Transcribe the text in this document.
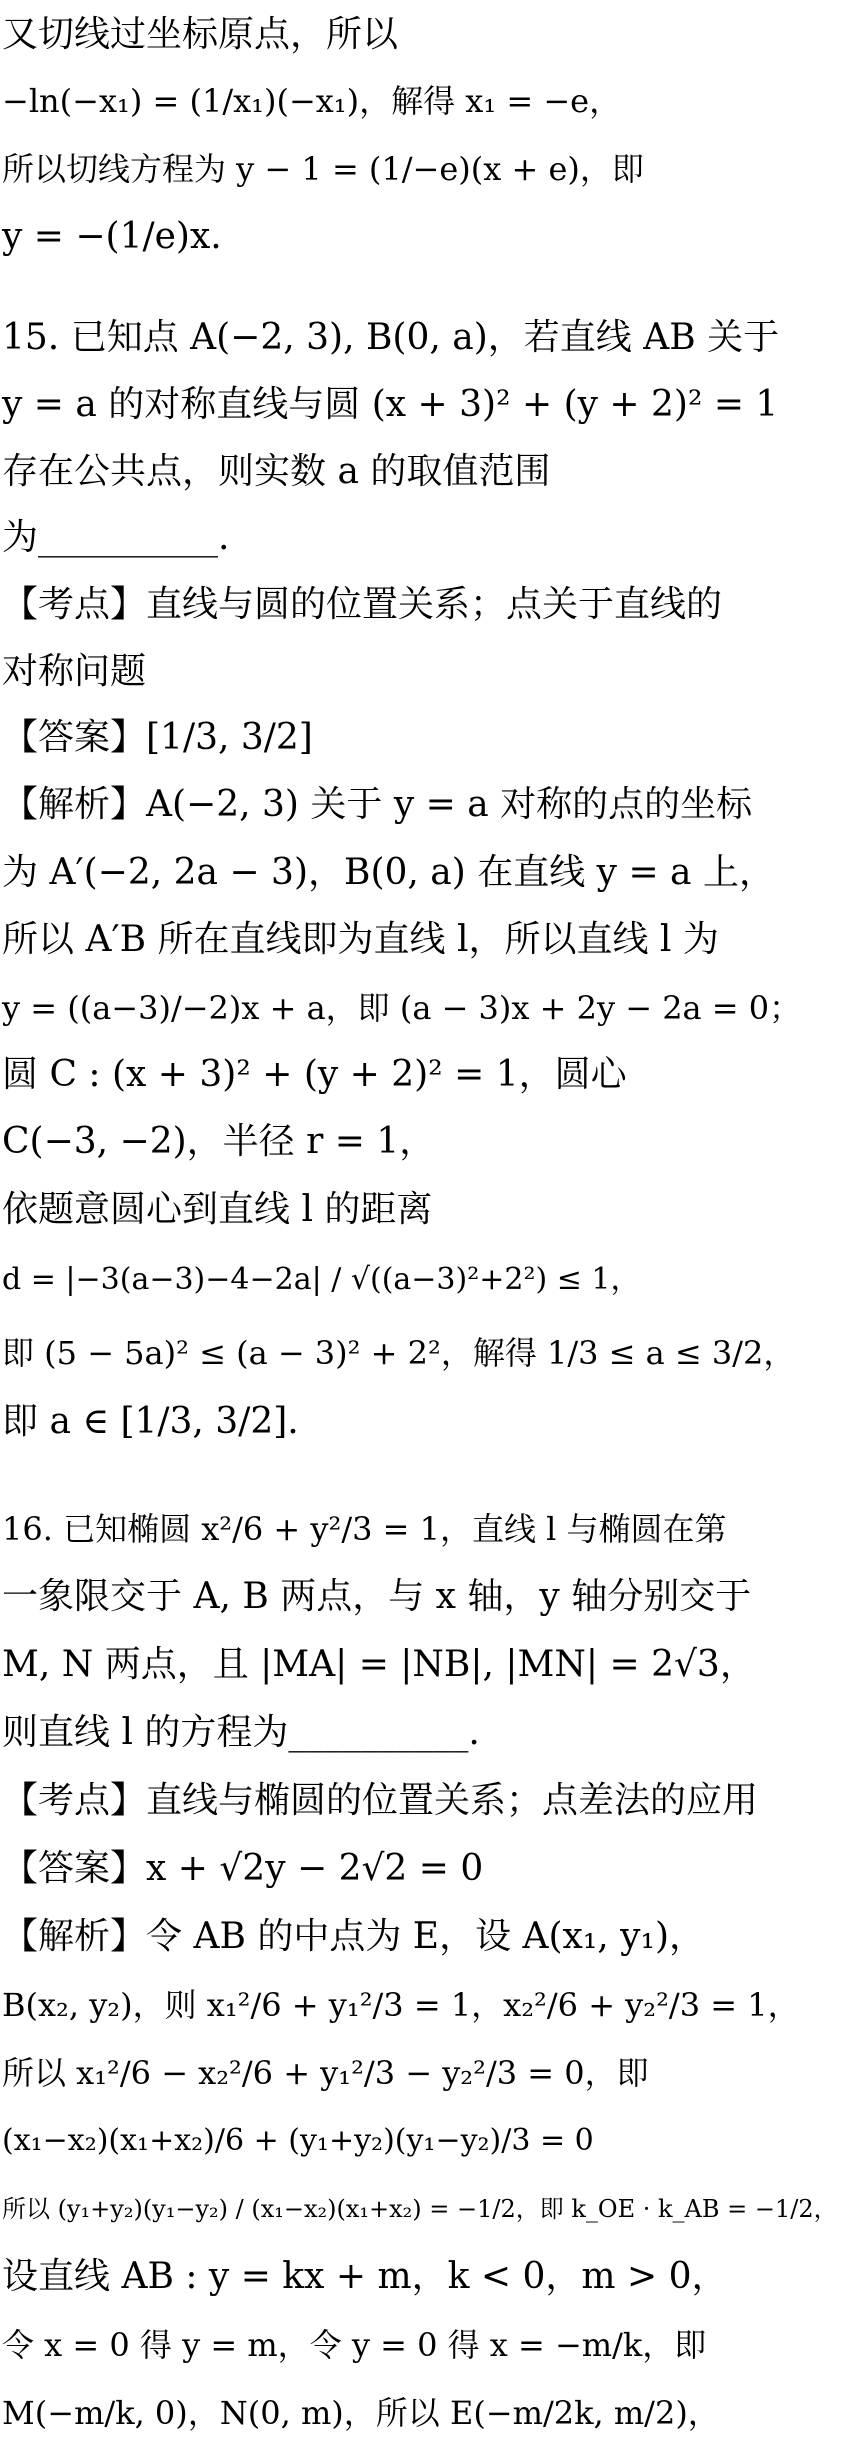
又切线过坐标原点，所以
−ln(−x₁) = (1/x₁)(−x₁)，解得 x₁ = −e，
所以切线方程为 y − 1 = (1/−e)(x + e)，即
y = −(1/e)x.
15. 已知点 A(−2, 3), B(0, a)，若直线 AB 关于
y = a 的对称直线与圆 (x + 3)² + (y + 2)² = 1
存在公共点，则实数 a 的取值范围
为__________.
【考点】直线与圆的位置关系；点关于直线的
对称问题
【答案】[1/3, 3/2]
【解析】A(−2, 3) 关于 y = a 对称的点的坐标
为 A′(−2, 2a − 3)，B(0, a) 在直线 y = a 上，
所以 A′B 所在直线即为直线 l，所以直线 l 为
y = ((a−3)/−2)x + a，即 (a − 3)x + 2y − 2a = 0；
圆 C : (x + 3)² + (y + 2)² = 1，圆心
C(−3, −2)，半径 r = 1，
依题意圆心到直线 l 的距离
d = |−3(a−3)−4−2a| / √((a−3)²+2²) ≤ 1，
即 (5 − 5a)² ≤ (a − 3)² + 2²，解得 1/3 ≤ a ≤ 3/2，
即 a ∈ [1/3, 3/2].
16. 已知椭圆 x²/6 + y²/3 = 1，直线 l 与椭圆在第
一象限交于 A, B 两点，与 x 轴，y 轴分别交于
M, N 两点，且 |MA| = |NB|, |MN| = 2√3，
则直线 l 的方程为__________.
【考点】直线与椭圆的位置关系；点差法的应用
【答案】x + √2y − 2√2 = 0
【解析】令 AB 的中点为 E，设 A(x₁, y₁)，
B(x₂, y₂)，则 x₁²/6 + y₁²/3 = 1，x₂²/6 + y₂²/3 = 1，
所以 x₁²/6 − x₂²/6 + y₁²/3 − y₂²/3 = 0，即
(x₁−x₂)(x₁+x₂)/6 + (y₁+y₂)(y₁−y₂)/3 = 0
所以 (y₁+y₂)(y₁−y₂) / (x₁−x₂)(x₁+x₂) = −1/2，即 k_OE · k_AB = −1/2，
设直线 AB : y = kx + m，k < 0，m > 0，
令 x = 0 得 y = m，令 y = 0 得 x = −m/k，即
M(−m/k, 0)，N(0, m)，所以 E(−m/2k, m/2)，
